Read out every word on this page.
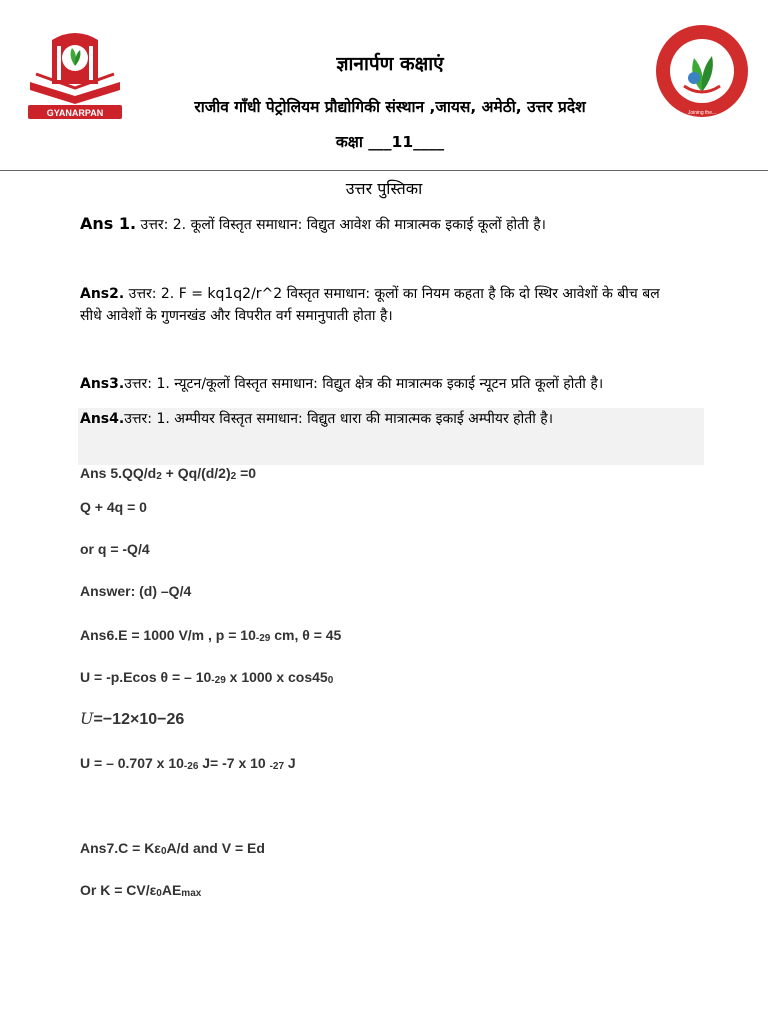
GYANARPAN	Joining the...
ज्ञानार्पण कक्षाएं
राजीव गाँधी पेट्रोलियम प्रौद्योगिकी संस्थान ,जायस, अमेठी, उत्तर प्रदेश
कक्षा ___11____
उत्तर पुस्तिका
Ans 1. उत्तर: 2. कूलों विस्तृत समाधान: विद्युत आवेश की मात्रात्मक इकाई कूलों होती है।
Ans2. उत्तर: 2. F = kq1q2/r^2 विस्तृत समाधान: कूलों का नियम कहता है कि दो स्थिर आवेशों के बीच बल
सीधे आवेशों के गुणनखंड और विपरीत वर्ग समानुपाती होता है।
Ans3.उत्तर: 1. न्यूटन/कूलों विस्तृत समाधान: विद्युत क्षेत्र की मात्रात्मक इकाई न्यूटन प्रति कूलों होती है।
Ans4.उत्तर: 1. अम्पीयर विस्तृत समाधान: विद्युत धारा की मात्रात्मक इकाई अम्पीयर होती है।
Ans 5.QQ/d2 + Qq/(d/2)2 =0
Q + 4q = 0
or q = -Q/4
Answer: (d) –Q/4
Ans6.E = 1000 V/m , p = 10-29 cm, θ = 45
U = -p.Ecos θ = – 10-29 x 1000 x cos450
U=−12×10−26
U = – 0.707 x 10-26 J= -7 x 10 -27 J
Ans7.C = Kε0A/d and V = Ed
Or K = CV/ε0AEmax
